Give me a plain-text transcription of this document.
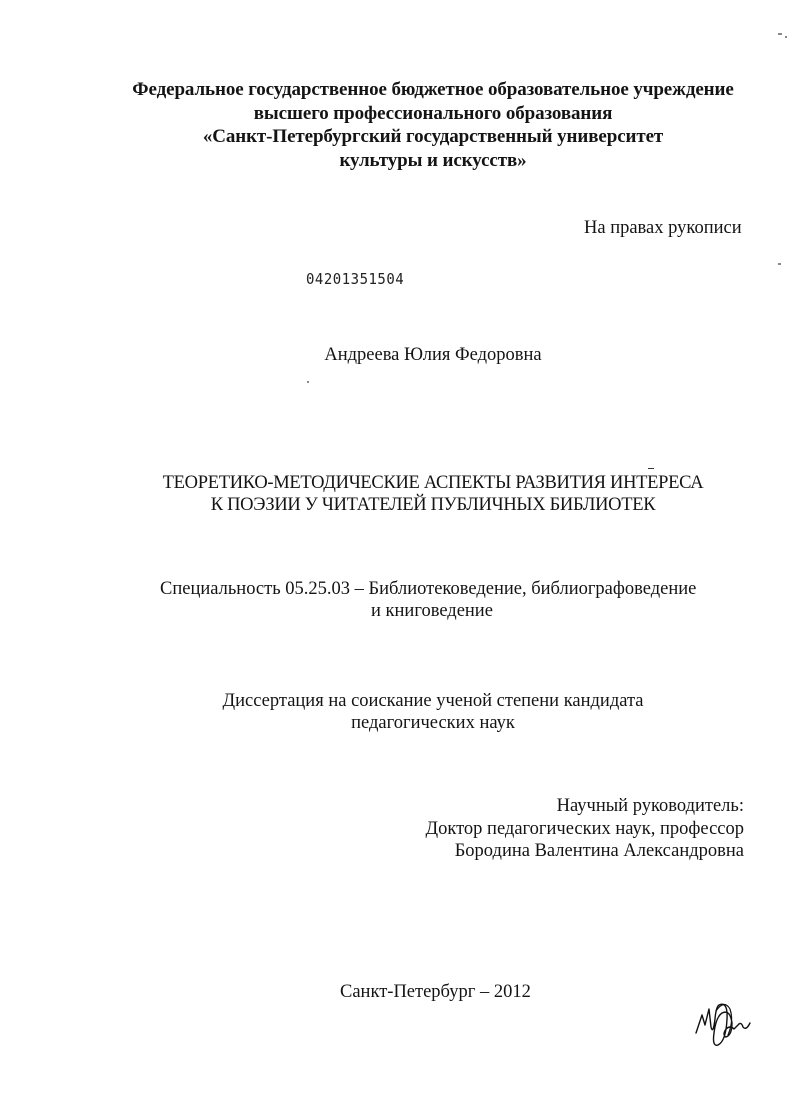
Федеральное государственное бюджетное образовательное учреждение
высшего профессионального образования
«Санкт-Петербургский государственный университет
культуры и искусств»
На правах рукописи
04201351504
Андреева Юлия Федоровна
ТЕОРЕТИКО-МЕТОДИЧЕСКИЕ АСПЕКТЫ РАЗВИТИЯ ИНТЕРЕСА
К ПОЭЗИИ У ЧИТАТЕЛЕЙ ПУБЛИЧНЫХ БИБЛИОТЕК
Специальность 05.25.03 – Библиотековедение, библиографоведение
и книговедение
Диссертация на соискание ученой степени кандидата
педагогических наук
Научный руководитель:
Доктор педагогических наук, профессор
Бородина Валентина Александровна
Санкт-Петербург – 2012
